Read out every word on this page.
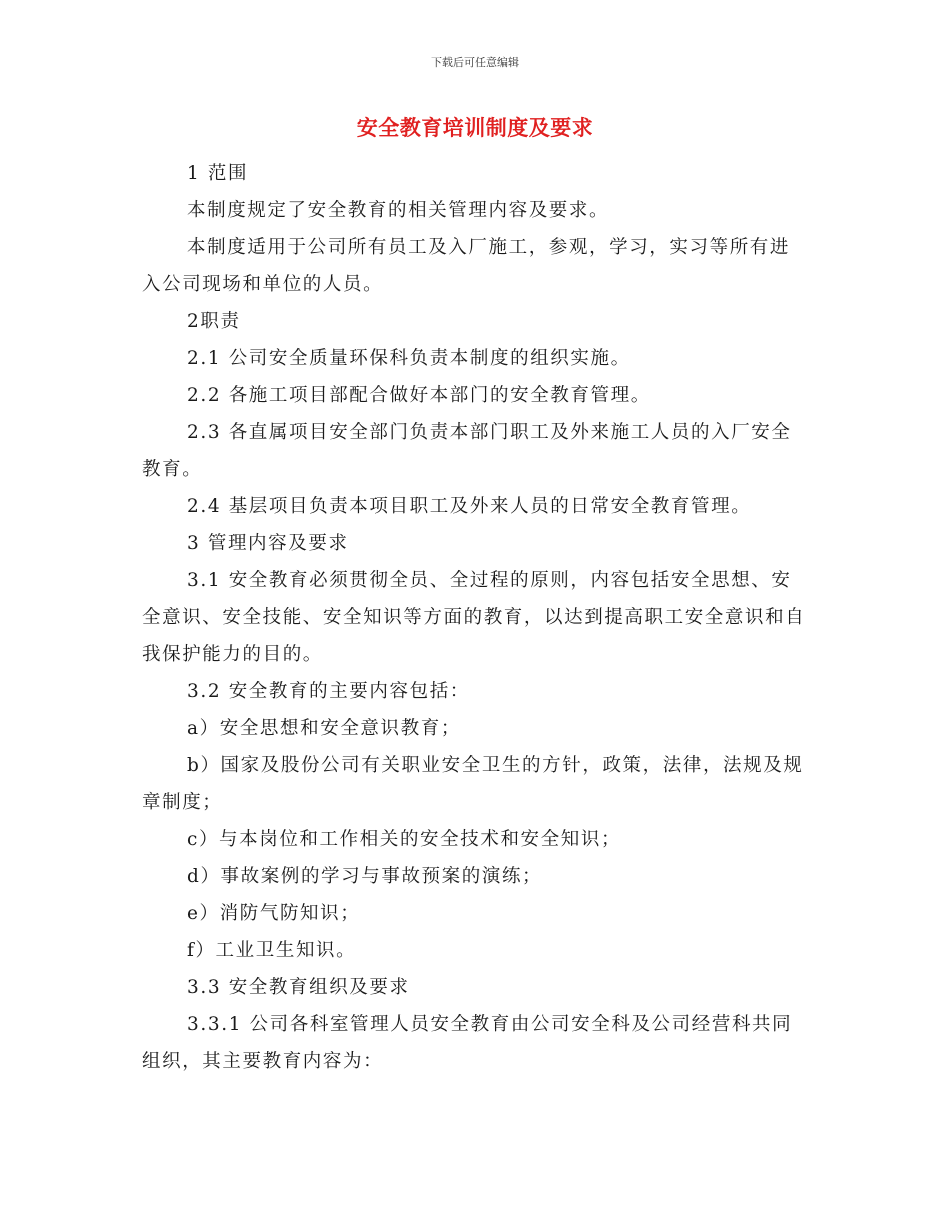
下载后可任意编辑
安全教育培训制度及要求

1 范围

本制度规定了安全教育的相关管理内容及要求。

本制度适用于公司所有员工及入厂施工，参观，学习，实习等所有进入公司现场和单位的人员。

2职责

2.1 公司安全质量环保科负责本制度的组织实施。

2.2 各施工项目部配合做好本部门的安全教育管理。

2.3 各直属项目安全部门负责本部门职工及外来施工人员的入厂安全教育。

2.4 基层项目负责本项目职工及外来人员的日常安全教育管理。

3 管理内容及要求

3.1 安全教育必须贯彻全员、全过程的原则，内容包括安全思想、安全意识、安全技能、安全知识等方面的教育，以达到提高职工安全意识和自我保护能力的目的。

3.2 安全教育的主要内容包括：

a）安全思想和安全意识教育；

b）国家及股份公司有关职业安全卫生的方针，政策，法律，法规及规章制度；

c）与本岗位和工作相关的安全技术和安全知识；

d）事故案例的学习与事故预案的演练；

e）消防气防知识；

f）工业卫生知识。

3.3 安全教育组织及要求

3.3.1 公司各科室管理人员安全教育由公司安全科及公司经营科共同组织，其主要教育内容为：
